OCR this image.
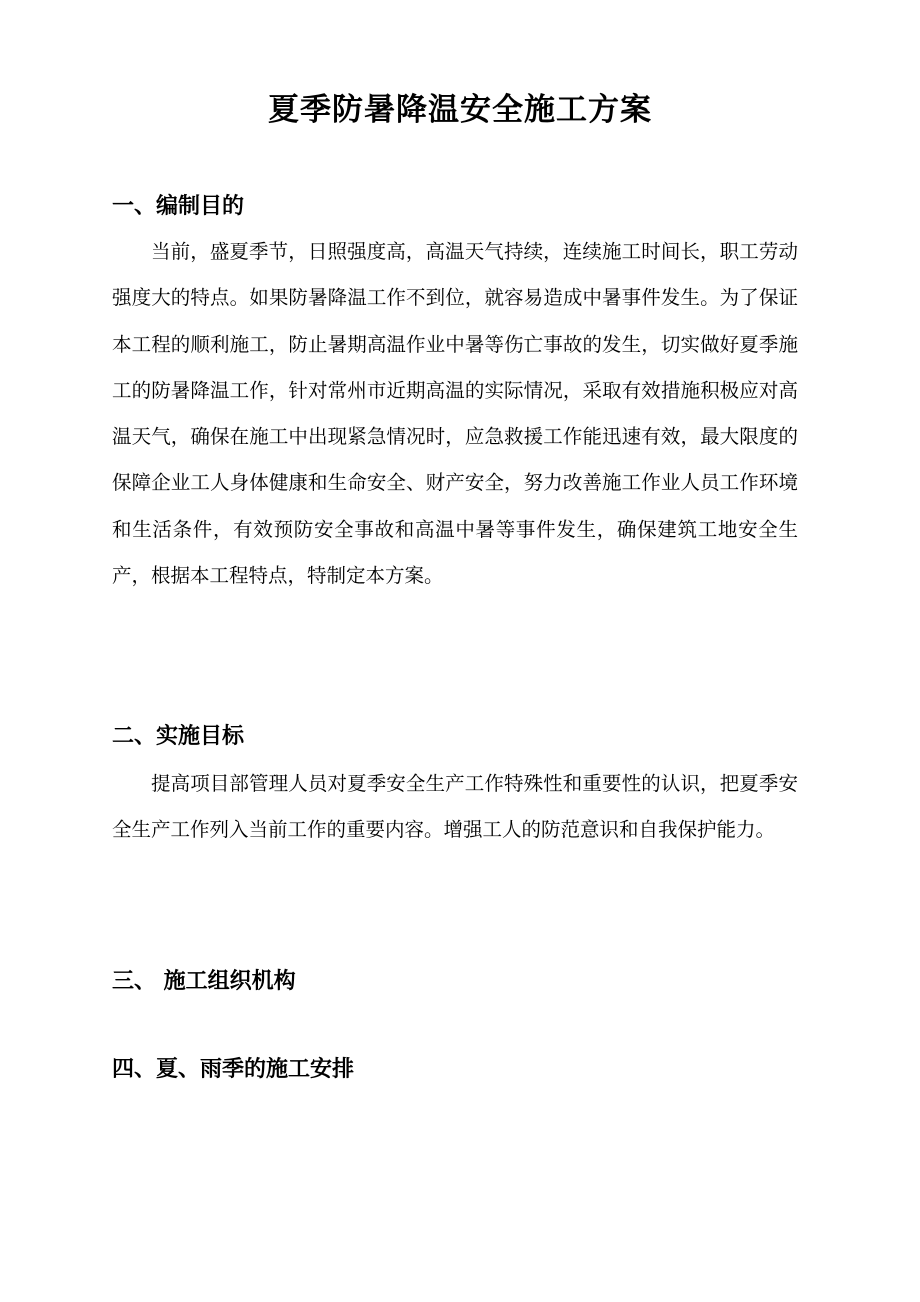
夏季防暑降温安全施工方案
一、编制目的

当前，盛夏季节，日照强度高，高温天气持续，连续施工时间长，职工劳动强度大的特点。如果防暑降温工作不到位，就容易造成中暑事件发生。为了保证本工程的顺利施工，防止暑期高温作业中暑等伤亡事故的发生，切实做好夏季施工的防暑降温工作，针对常州市近期高温的实际情况，采取有效措施积极应对高温天气，确保在施工中出现紧急情况时，应急救援工作能迅速有效，最大限度的保障企业工人身体健康和生命安全、财产安全，努力改善施工作业人员工作环境和生活条件，有效预防安全事故和高温中暑等事件发生，确保建筑工地安全生产，根据本工程特点，特制定本方案。

二、实施目标

提高项目部管理人员对夏季安全生产工作特殊性和重要性的认识，把夏季安全生产工作列入当前工作的重要内容。增强工人的防范意识和自我保护能力。

三、 施工组织机构
四、夏、雨季的施工安排
